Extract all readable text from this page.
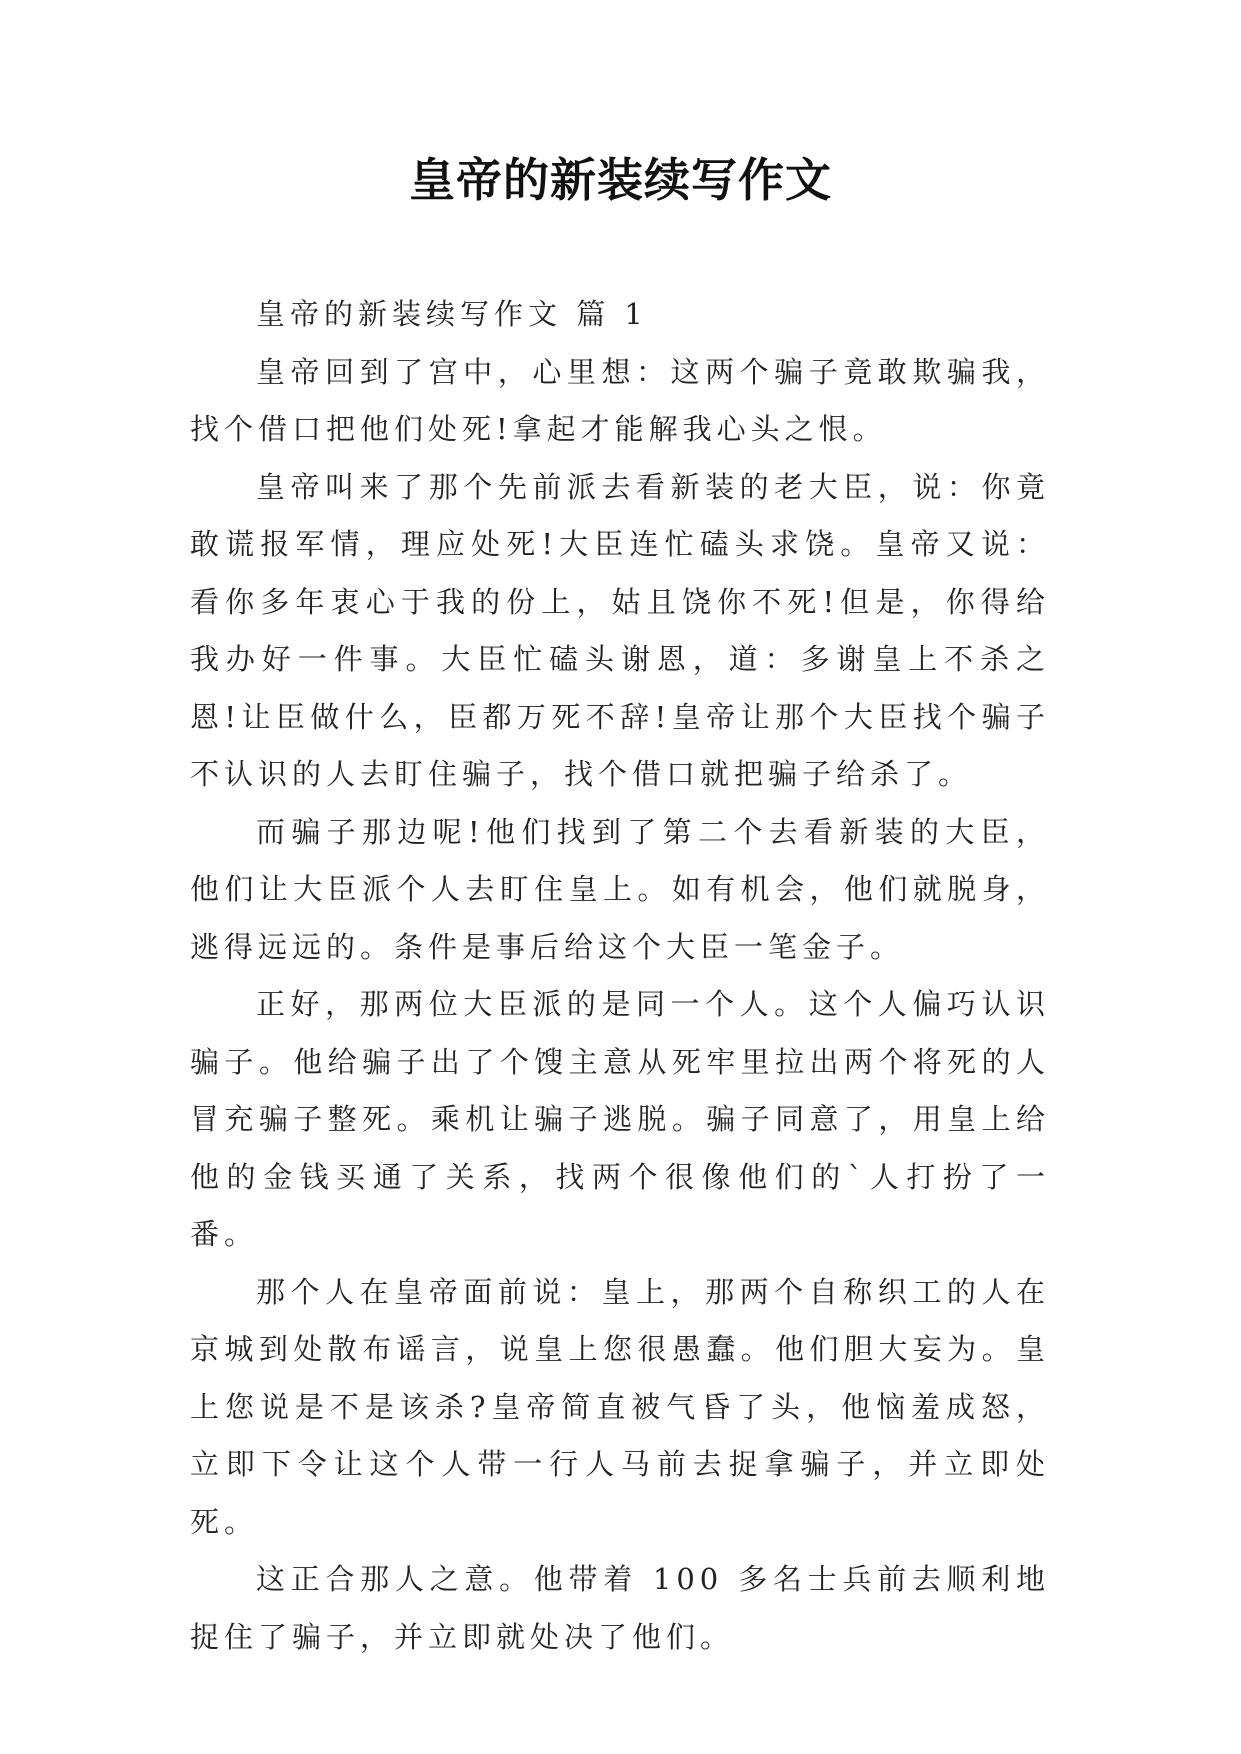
皇帝的新装续写作文

皇帝的新装续写作文 篇 1

皇帝回到了宫中，心里想：这两个骗子竟敢欺骗我，找个借口把他们处死!拿起才能解我心头之恨。

皇帝叫来了那个先前派去看新装的老大臣，说：你竟敢谎报军情，理应处死!大臣连忙磕头求饶。皇帝又说：看你多年衷心于我的份上，姑且饶你不死!但是，你得给我办好一件事。大臣忙磕头谢恩，道：多谢皇上不杀之恩!让臣做什么，臣都万死不辞!皇帝让那个大臣找个骗子不认识的人去盯住骗子，找个借口就把骗子给杀了。

而骗子那边呢!他们找到了第二个去看新装的大臣，他们让大臣派个人去盯住皇上。如有机会，他们就脱身，逃得远远的。条件是事后给这个大臣一笔金子。

正好，那两位大臣派的是同一个人。这个人偏巧认识骗子。他给骗子出了个馊主意从死牢里拉出两个将死的人冒充骗子整死。乘机让骗子逃脱。骗子同意了，用皇上给他的金钱买通了关系，找两个很像他们的`人打扮了一番。

那个人在皇帝面前说：皇上，那两个自称织工的人在京城到处散布谣言，说皇上您很愚蠢。他们胆大妄为。皇上您说是不是该杀?皇帝简直被气昏了头，他恼羞成怒，立即下令让这个人带一行人马前去捉拿骗子，并立即处死。

这正合那人之意。他带着 100 多名士兵前去顺利地捉住了骗子，并立即就处决了他们。
